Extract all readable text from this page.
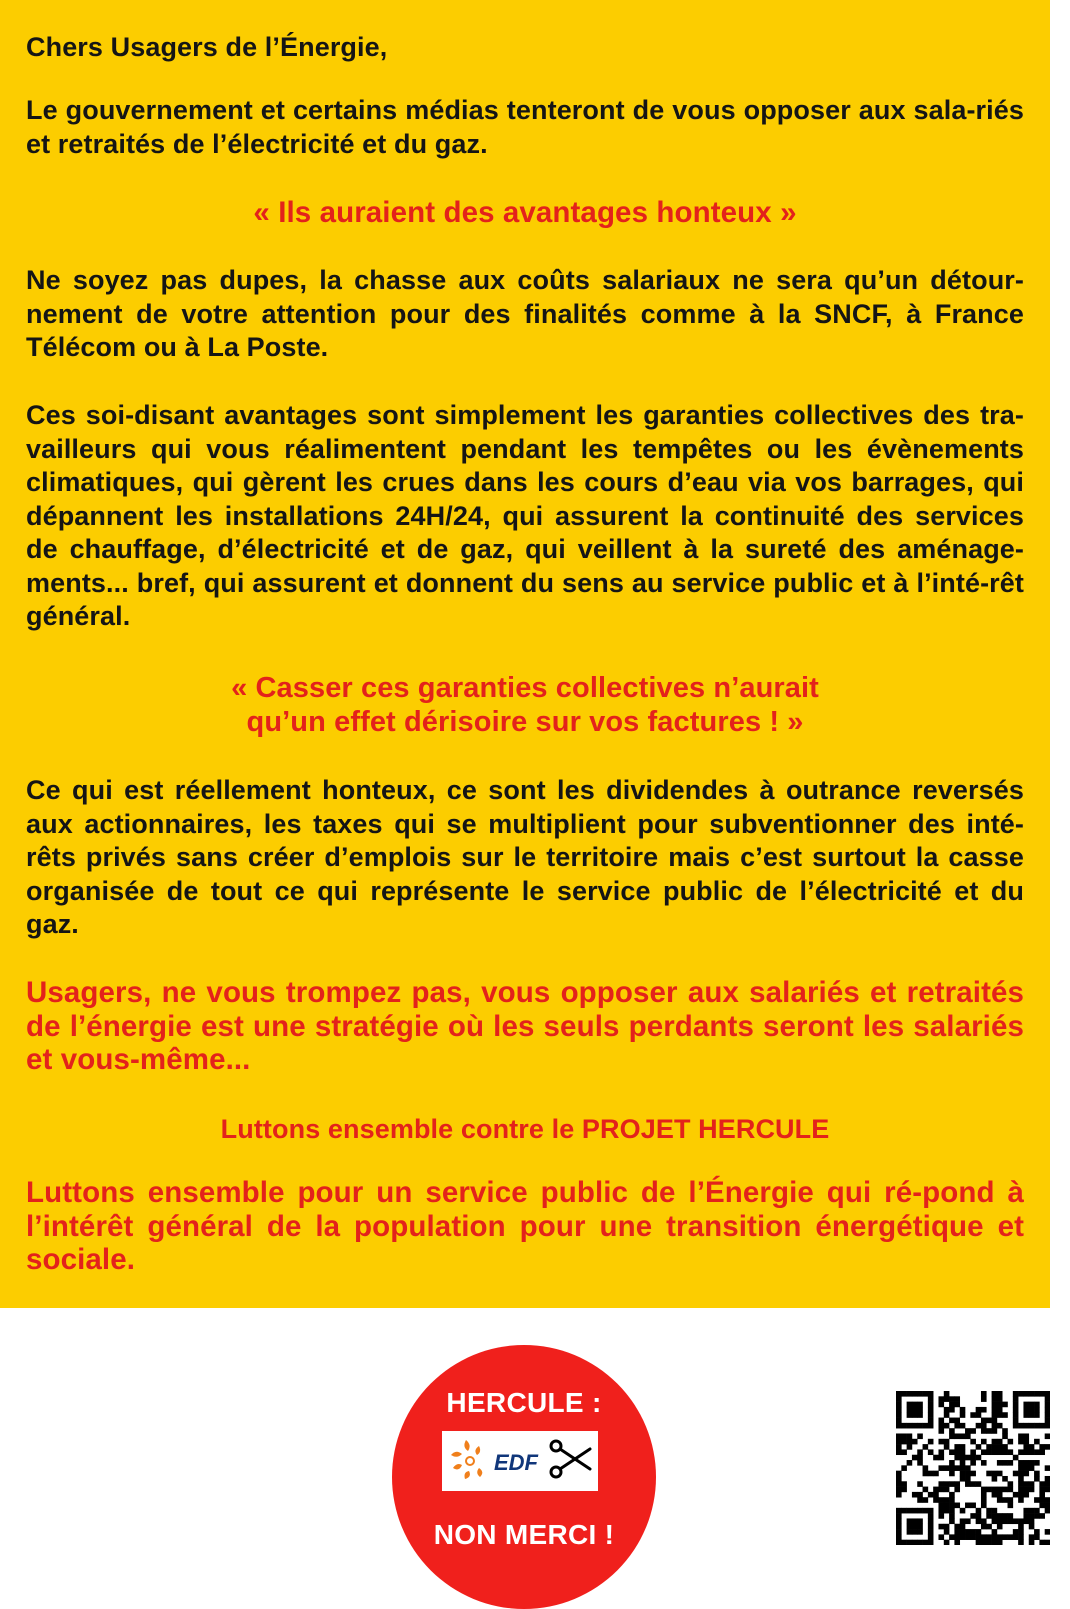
Chers Usagers de l’Énergie,

Le gouvernement et certains médias tenteront de vous opposer aux sala-riés et retraités de l’électricité et du gaz.

« Ils auraient des avantages honteux »

Ne soyez pas dupes, la chasse aux coûts salariaux ne sera qu’un détour-nement de votre attention pour des finalités comme à la SNCF, à France Télécom ou à La Poste.

Ces soi-disant avantages sont simplement les garanties collectives des tra-vailleurs qui vous réalimentent pendant les tempêtes ou les évènements climatiques, qui gèrent les crues dans les cours d’eau via vos barrages, qui dépannent les installations 24H/24, qui assurent la continuité des services de chauffage, d’électricité et de gaz, qui veillent à la sureté des aménage-ments... bref, qui assurent et donnent du sens au service public et à l’inté-rêt général.

« Casser ces garanties collectives n’aurait
qu’un effet dérisoire sur vos factures ! »

Ce qui est réellement honteux, ce sont les dividendes à outrance reversés aux actionnaires, les taxes qui se multiplient pour subventionner des inté-rêts privés sans créer d’emplois sur le territoire mais c’est surtout la casse organisée de tout ce qui représente le service public de l’électricité et du gaz.

Usagers, ne vous trompez pas, vous opposer aux salariés et retraités de l’énergie est une stratégie où les seuls perdants seront les salariés et vous-même...

Luttons ensemble contre le PROJET HERCULE

Luttons ensemble pour un service public de l’Énergie qui ré-pond à l’intérêt général de la population pour une transition énergétique et sociale.

HERCULE :
EDF
NON MERCI !
